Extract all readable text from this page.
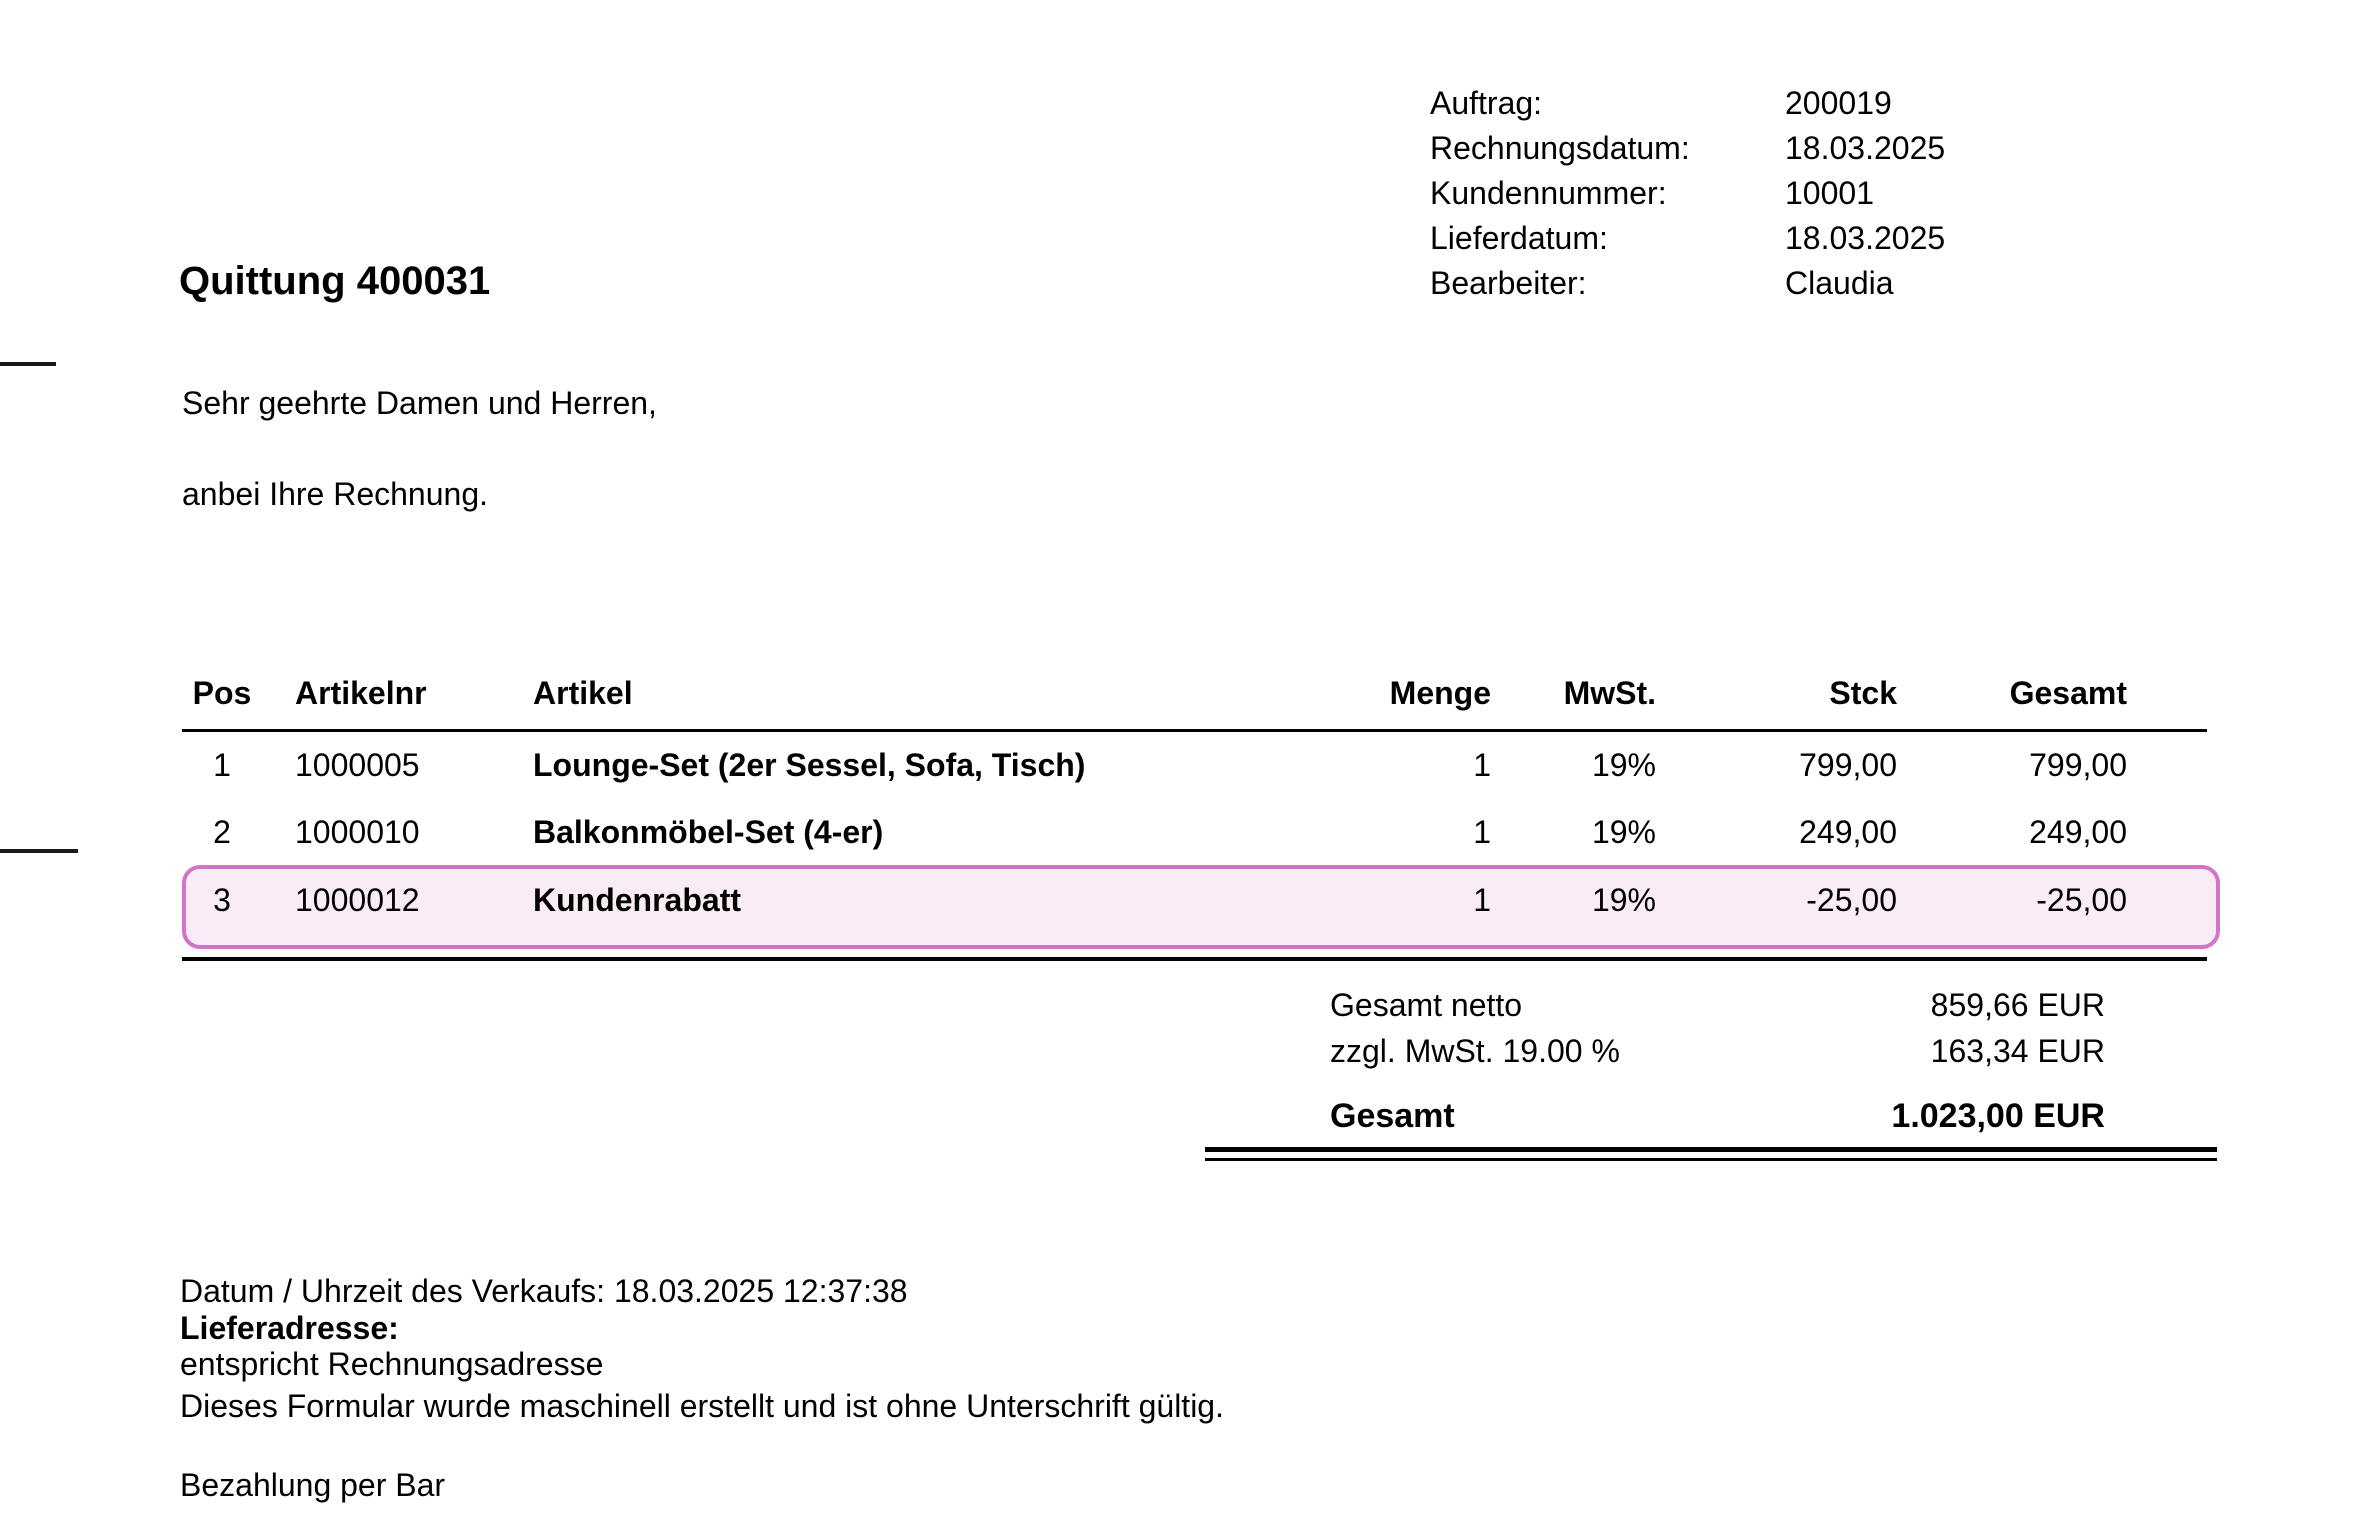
Quittung 400031
Auftrag:	200019
Rechnungsdatum:	18.03.2025
Kundennummer:	10001
Lieferdatum:	18.03.2025
Bearbeiter:	Claudia
Sehr geehrte Damen und Herren,
anbei Ihre Rechnung.
Pos	Artikelnr	Artikel	Menge	MwSt.	Stck	Gesamt
1	1000005	Lounge-Set (2er Sessel, Sofa, Tisch)	1	19%	799,00	799,00
2	1000010	Balkonmöbel-Set (4-er)	1	19%	249,00	249,00
3	1000012	Kundenrabatt	1	19%	-25,00	-25,00
Gesamt netto	859,66 EUR
zzgl. MwSt. 19.00 %	163,34 EUR
Gesamt	1.023,00 EUR
Datum / Uhrzeit des Verkaufs: 18.03.2025 12:37:38
Lieferadresse:
entspricht Rechnungsadresse
Dieses Formular wurde maschinell erstellt und ist ohne Unterschrift gültig.
Bezahlung per Bar
